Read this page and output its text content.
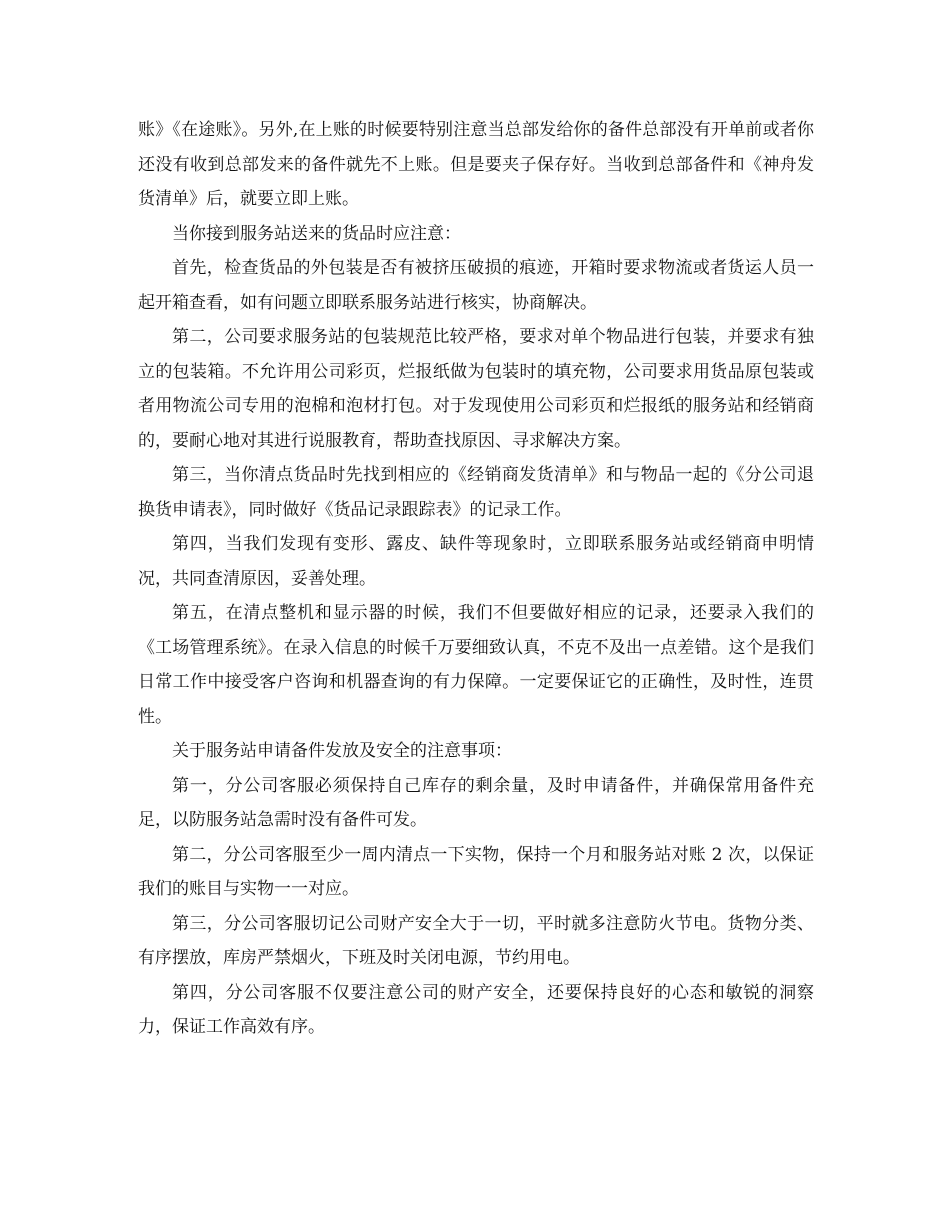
账》《在途账》。另外,在上账的时候要特别注意当总部发给你的备件总部没有开单前或者你还没有收到总部发来的备件就先不上账。但是要夹子保存好。当收到总部备件和《神舟发货清单》后，就要立即上账。

当你接到服务站送来的货品时应注意：

首先，检查货品的外包装是否有被挤压破损的痕迹，开箱时要求物流或者货运人员一起开箱查看，如有问题立即联系服务站进行核实，协商解决。

第二，公司要求服务站的包装规范比较严格，要求对单个物品进行包装，并要求有独立的包装箱。不允许用公司彩页，烂报纸做为包装时的填充物，公司要求用货品原包装或者用物流公司专用的泡棉和泡材打包。对于发现使用公司彩页和烂报纸的服务站和经销商的，要耐心地对其进行说服教育，帮助查找原因、寻求解决方案。

第三，当你清点货品时先找到相应的《经销商发货清单》和与物品一起的《分公司退换货申请表》，同时做好《货品记录跟踪表》的记录工作。

第四，当我们发现有变形、露皮、缺件等现象时，立即联系服务站或经销商申明情况，共同查清原因，妥善处理。

第五，在清点整机和显示器的时候，我们不但要做好相应的记录，还要录入我们的《工场管理系统》。在录入信息的时候千万要细致认真，不克不及出一点差错。这个是我们日常工作中接受客户咨询和机器查询的有力保障。一定要保证它的正确性，及时性，连贯性。

关于服务站申请备件发放及安全的注意事项：

第一，分公司客服必须保持自己库存的剩余量，及时申请备件，并确保常用备件充足，以防服务站急需时没有备件可发。

第二，分公司客服至少一周内清点一下实物，保持一个月和服务站对账 2 次，以保证我们的账目与实物一一对应。

第三，分公司客服切记公司财产安全大于一切，平时就多注意防火节电。货物分类、有序摆放，库房严禁烟火，下班及时关闭电源，节约用电。

第四，分公司客服不仅要注意公司的财产安全，还要保持良好的心态和敏锐的洞察力，保证工作高效有序。
